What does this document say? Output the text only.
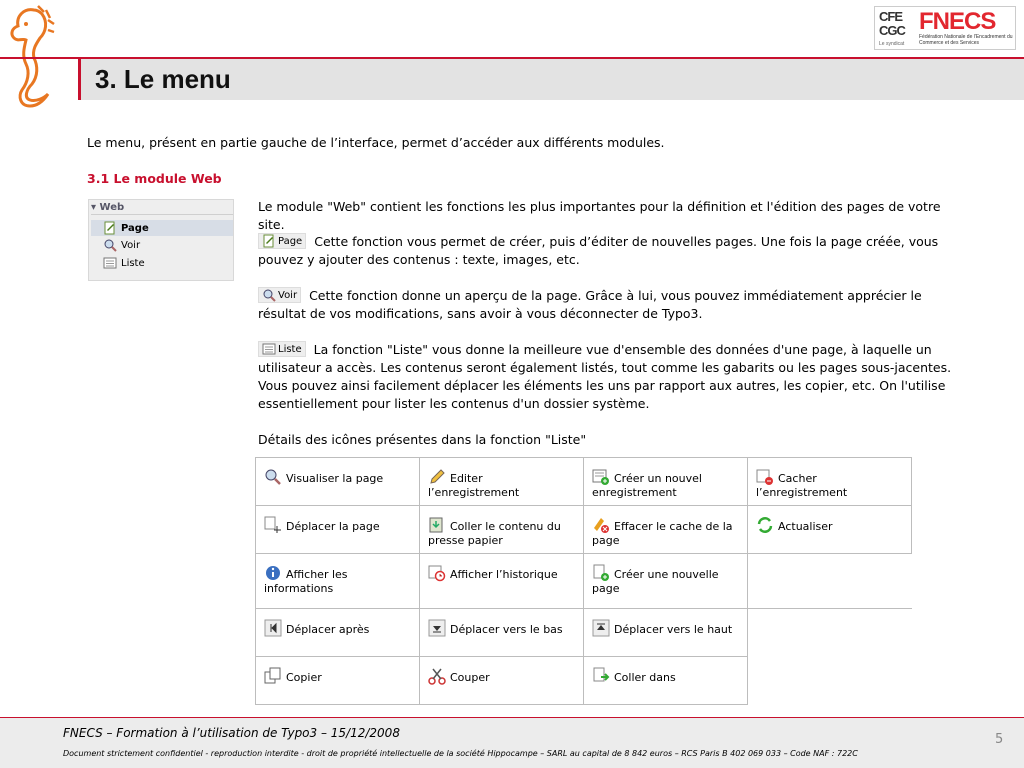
CFE CGC
Le syndicat
FNECS
Fédération Nationale de l'Encadrement du Commerce et des Services
3. Le menu
Le menu, présent en partie gauche de l’interface, permet d’accéder aux différents modules.
3.1 Le module Web
▾ Web
Page
Voir
Liste
Le module "Web" contient les fonctions les plus importantes pour la définition et l'édition des pages de votre site.
Page Cette fonction vous permet de créer, puis d’éditer de nouvelles pages. Une fois la page créée, vous pouvez y ajouter des contenus : texte, images, etc.
Voir Cette fonction donne un aperçu de la page. Grâce à lui, vous pouvez immédiatement apprécier le résultat de vos modifications, sans avoir à vous déconnecter de Typo3.
Liste La fonction "Liste" vous donne la meilleure vue d'ensemble des données d'une page, à laquelle un utilisateur a accès. Les contenus seront également listés, tout comme les gabarits ou les pages sous-jacentes. Vous pouvez ainsi facilement déplacer les éléments les uns par rapport aux autres, les copier, etc. On l'utilise essentiellement pour lister les contenus d'un dossier système.
Détails des icônes présentes dans la fonction "Liste"
Visualiser la page	Editer l’enregistrement	Créer un nouvel enregistrement	Cacher l’enregistrement
Déplacer la page	Coller le contenu du presse papier	Effacer le cache de la page	Actualiser
Afficher les informations	Afficher l’historique	Créer une nouvelle page	
Déplacer après	Déplacer vers le bas	Déplacer vers le haut	
Copier	Couper	Coller dans	
FNECS – Formation à l’utilisation de Typo3 – 15/12/2008
Document strictement confidentiel - reproduction interdite - droit de propriété intellectuelle de la société Hippocampe – SARL au capital de 8 842 euros – RCS Paris B 402 069 033 – Code NAF : 722C
5
